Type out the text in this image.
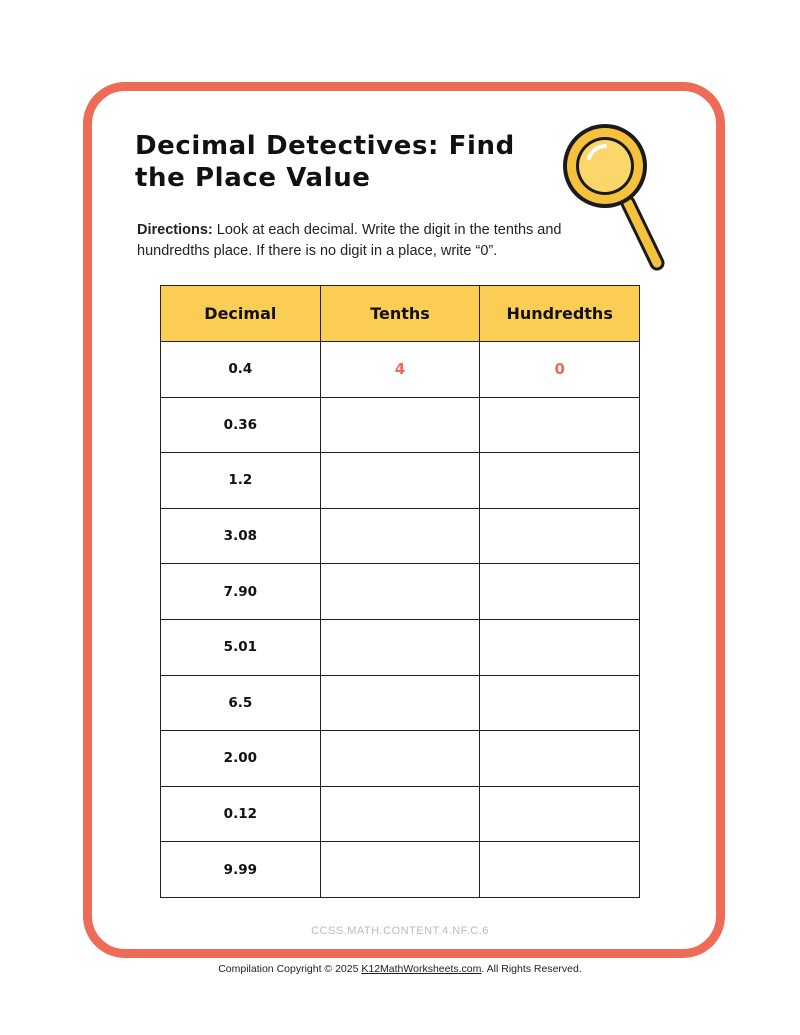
Decimal Detectives: Find the Place Value

Directions: Look at each decimal. Write the digit in the tenths and hundredths place. If there is no digit in a place, write “0”.

Decimal	Tenths	Hundredths
0.4	4	0
0.36		
1.2		
3.08		
7.90		
5.01		
6.5		
2.00		
0.12		
9.99		
CCSS.MATH.CONTENT.4.NF.C.6
Compilation Copyright © 2025 K12MathWorksheets.com. All Rights Reserved.
